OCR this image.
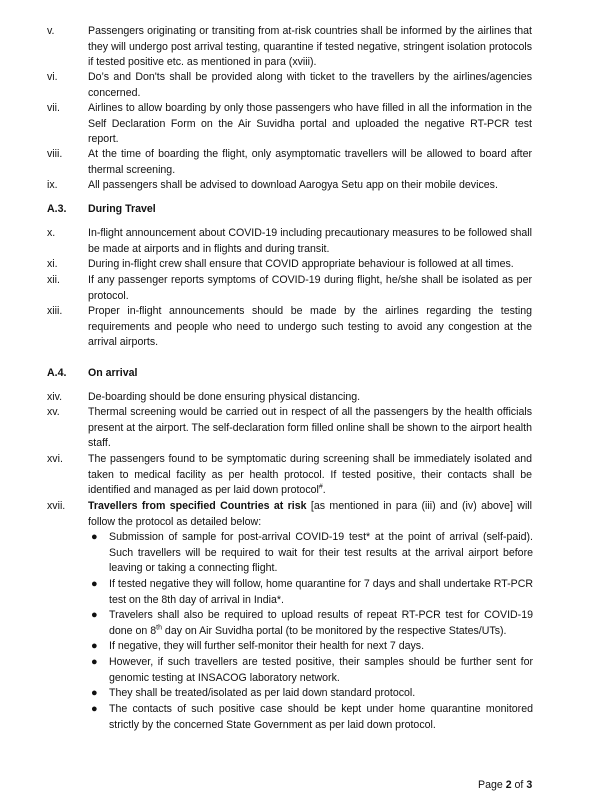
v.	Passengers originating or transiting from at-risk countries shall be informed by the airlines that they will undergo post arrival testing, quarantine if tested negative, stringent isolation protocols if tested positive etc. as mentioned in para (xviii).
vi.	Do’s and Don'ts shall be provided along with ticket to the travellers by the airlines/agencies concerned.
vii.	Airlines to allow boarding by only those passengers who have filled in all the information in the Self Declaration Form on the Air Suvidha portal and uploaded the negative RT-PCR test report.
viii.	At the time of boarding the flight, only asymptomatic travellers will be allowed to board after thermal screening.
ix.	All passengers shall be advised to download Aarogya Setu app on their mobile devices.
A.3. During Travel
x.	In-flight announcement about COVID-19 including precautionary measures to be followed shall be made at airports and in flights and during transit.
xi.	During in-flight crew shall ensure that COVID appropriate behaviour is followed at all times.
xii.	If any passenger reports symptoms of COVID-19 during flight, he/she shall be isolated as per protocol.
xiii.	Proper in-flight announcements should be made by the airlines regarding the testing requirements and people who need to undergo such testing to avoid any congestion at the arrival airports.
A.4. On arrival
xiv.	De-boarding should be done ensuring physical distancing.
xv.	Thermal screening would be carried out in respect of all the passengers by the health officials present at the airport. The self-declaration form filled online shall be shown to the airport health staff.
xvi.	The passengers found to be symptomatic during screening shall be immediately isolated and taken to medical facility as per health protocol. If tested positive, their contacts shall be identified and managed as per laid down protocol#.
xvii.	Travellers from specified Countries at risk [as mentioned in para (iii) and (iv) above] will follow the protocol as detailed below:
● Submission of sample for post-arrival COVID-19 test* at the point of arrival (self-paid). Such travellers will be required to wait for their test results at the arrival airport before leaving or taking a connecting flight.
● If tested negative they will follow, home quarantine for 7 days and shall undertake RT-PCR test on the 8th day of arrival in India*.
● Travelers shall also be required to upload results of repeat RT-PCR test for COVID-19 done on 8th day on Air Suvidha portal (to be monitored by the respective States/UTs).
● If negative, they will further self-monitor their health for next 7 days.
● However, if such travellers are tested positive, their samples should be further sent for genomic testing at INSACOG laboratory network.
● They shall be treated/isolated as per laid down standard protocol.
● The contacts of such positive case should be kept under home quarantine monitored strictly by the concerned State Government as per laid down protocol.
Page 2 of 3
